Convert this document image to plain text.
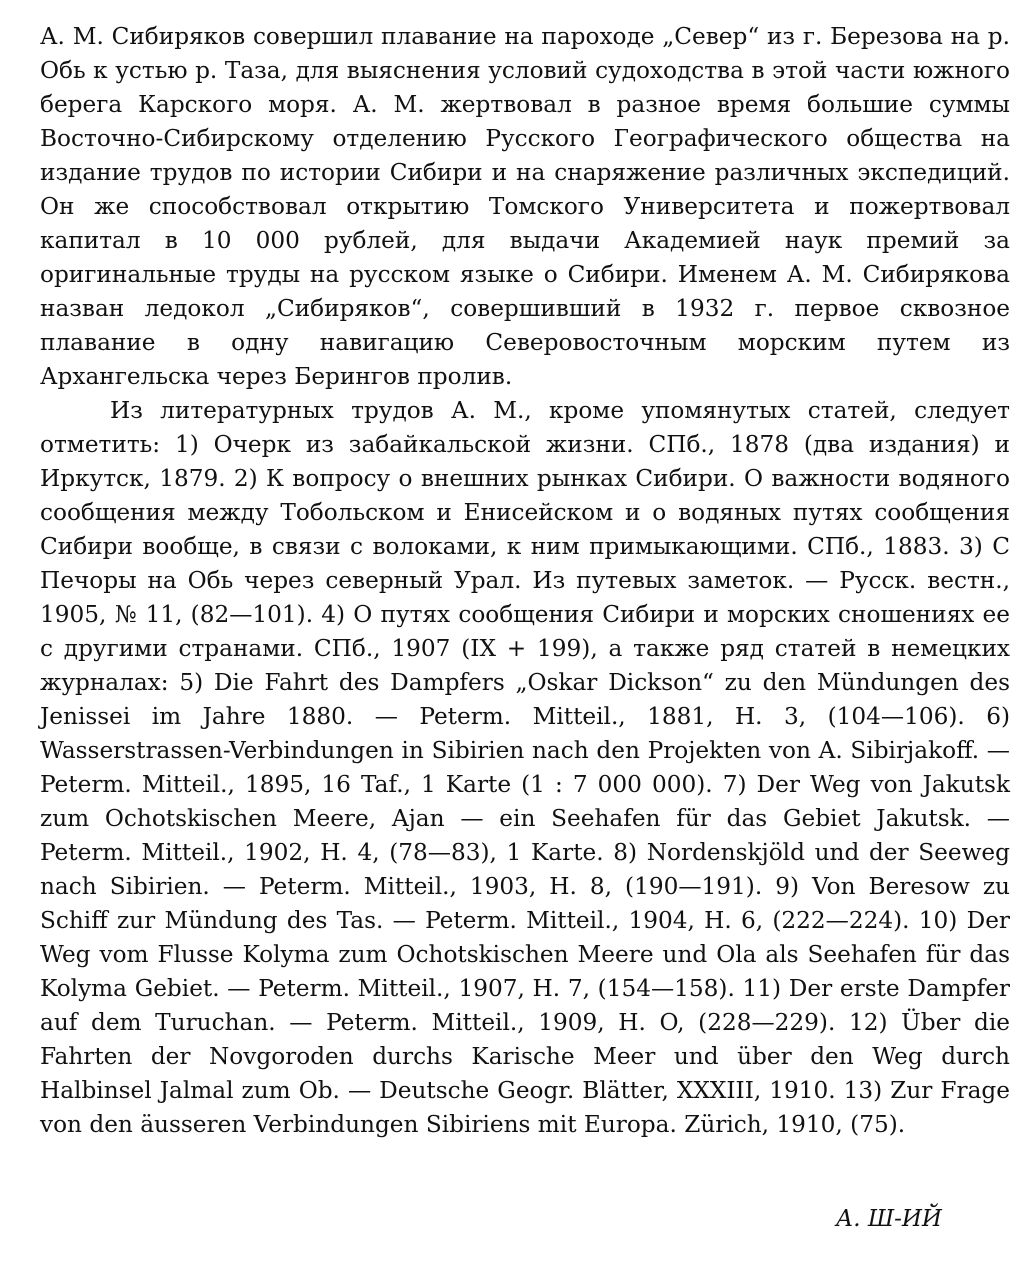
А. М. Сибиряков совершил плавание на пароходе „Север“ из г. Березова на р. Обь к устью р. Таза, для выяснения условий судоходства в этой части южного берега Карского моря. А. М. жертвовал в разное время большие суммы Восточно-Сибирскому отделению Русского Географического общества на издание трудов по истории Сибири и на снаряжение различных экспедиций. Он же способствовал открытию Томского Университета и пожертвовал капитал в 10 000 рублей, для выдачи Академией наук премий за оригинальные труды на русском языке о Сибири. Именем А. М. Сибирякова назван ледокол „Сибиряков“, совершивший в 1932 г. первое сквозное плавание в одну навигацию Северовосточным морским путем из Архангельска через Берингов пролив.

Из литературных трудов А. М., кроме упомянутых статей, следует отметить: 1) Очерк из забайкальской жизни. СПб., 1878 (два издания) и Иркутск, 1879. 2) К вопросу о внешних рынках Сибири. О важности водяного сообщения между Тобольском и Енисейском и о водяных путях сообщения Сибири вообще, в связи с волоками, к ним примыкающими. СПб., 1883. 3) С Печоры на Обь через северный Урал. Из путевых заметок. — Русск. вестн., 1905, № 11, (82—101). 4) О путях сообщения Сибири и морских сношениях ее с другими странами. СПб., 1907 (IX + 199), а также ряд статей в немецких журналах: 5) Die Fahrt des Dampfers „Oskar Dickson“ zu den Mündungen des Jenissei im Jahre 1880. — Peterm. Mitteil., 1881, H. 3, (104—106). 6) Wasserstrassen-Verbindungen in Sibirien nach den Projekten von A. Sibirjakoff. — Peterm. Mitteil., 1895, 16 Taf., 1 Karte (1 : 7 000 000). 7) Der Weg von Jakutsk zum Ochotskischen Meere, Ajan — ein Seehafen für das Gebiet Jakutsk. — Peterm. Mitteil., 1902, H. 4, (78—83), 1 Karte. 8) Nordenskjöld und der Seeweg nach Sibirien. — Peterm. Mitteil., 1903, H. 8, (190—191). 9) Von Beresow zu Schiff zur Mündung des Tas. — Peterm. Mitteil., 1904, H. 6, (222—224). 10) Der Weg vom Flusse Kolyma zum Ochotskischen Meere und Ola als Seehafen für das Kolyma Gebiet. — Peterm. Mitteil., 1907, H. 7, (154—158). 11) Der erste Dampfer auf dem Turuchan. — Peterm. Mitteil., 1909, H. O, (228—229). 12) Über die Fahrten der Novgoroden durchs Karische Meer und über den Weg durch Halbinsel Jalmal zum Ob. — Deutsche Geogr. Blätter, XXXIII, 1910. 13) Zur Frage von den äusseren Verbindungen Sibiriens mit Europa. Zürich, 1910, (75).

А. Ш-ИЙ
